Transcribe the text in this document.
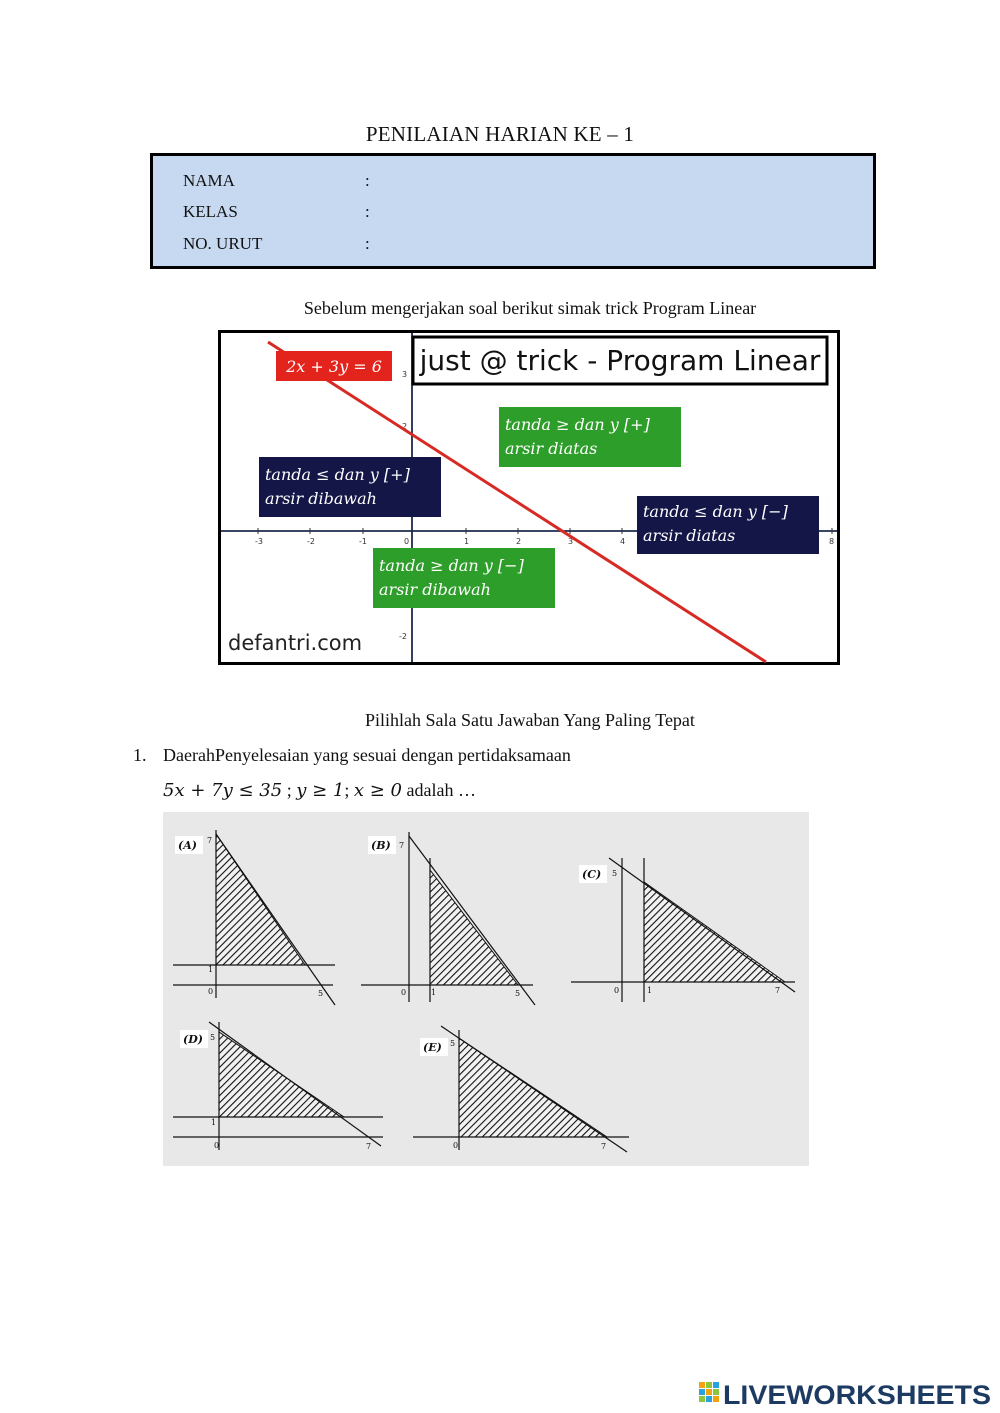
PENILAIAN HARIAN KE – 1
NAMA	:
KELAS	:
NO. URUT	:
Sebelum mengerjakan soal berikut simak trick Program Linear
-3	-2	-1	0	1	2	3	4	8
3
2
-2
2x + 3y = 6 just @ trick - Program Linear
tanda ≥ dan y [+]
arsir diatas
tanda ≤ dan y [+]
arsir dibawah
tanda ≤ dan y [−]
arsir diatas
tanda ≥ dan y [−]
arsir dibawah
defantri.com
Pilihlah Sala Satu Jawaban Yang Paling Tepat
1. DaerahPenyelesaian yang sesuai dengan pertidaksamaan
5x + 7y ≤ 35 ; y ≥ 1; x ≥ 0 adalah …
(A) 7
1
0	5
(B) 7
0	1	5
(C) 5
0	1	7
(D) 5
1
0	7
(E) 5
0	7
LIVEWORKSHEETS
